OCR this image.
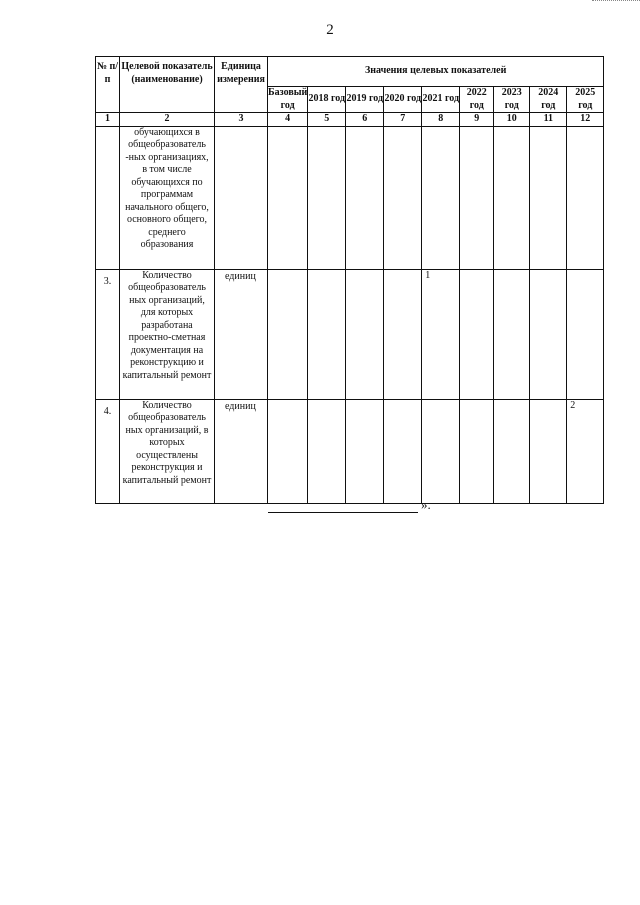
2
№ п/п	Целевой показатель (наименование)	Единица измерения	Значения целевых показателей								
			Базовый год	2018 год	2019 год	2020 год	2021 год	2022 год	2023 год	2024 год	2025 год
1	2	3	4	5	6	7	8	9	10	11	12
	обучающихся в общеобразователь -ных организациях, в том числе обучающихся по программам начального общего, основного общего, среднего образования										
3.	Количество общеобразователь ных организаций, для которых разработана проектно-сметная документация на реконструкцию и капитальный ремонт	единиц					1				
4.	Количество общеобразователь ных организаций, в которых осуществлены реконструкция и капитальный ремонт	единиц									2
».
